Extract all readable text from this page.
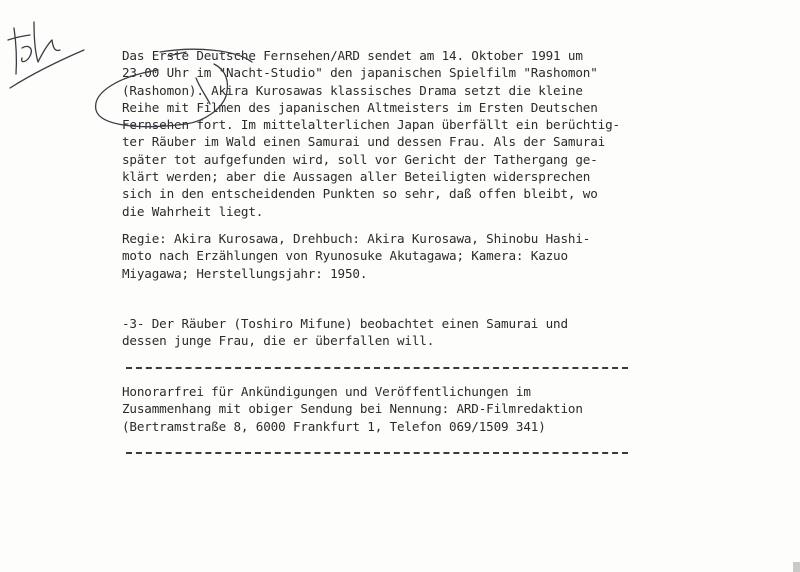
Das Erste Deutsche Fernsehen/ARD sendet am 14. Oktober 1991 um
23.00 Uhr im "Nacht-Studio" den japanischen Spielfilm "Rashomon"
(Rashomon). Akira Kurosawas klassisches Drama setzt die kleine
Reihe mit Filmen des japanischen Altmeisters im Ersten Deutschen
Fernsehen fort. Im mittelalterlichen Japan überfällt ein berüchtig-
ter Räuber im Wald einen Samurai und dessen Frau. Als der Samurai
später tot aufgefunden wird, soll vor Gericht der Tathergang ge-
klärt werden; aber die Aussagen aller Beteiligten widersprechen
sich in den entscheidenden Punkten so sehr, daß offen bleibt, wo
die Wahrheit liegt.
Regie: Akira Kurosawa, Drehbuch: Akira Kurosawa, Shinobu Hashi-
moto nach Erzählungen von Ryunosuke Akutagawa; Kamera: Kazuo
Miyagawa; Herstellungsjahr: 1950.
-3- Der Räuber (Toshiro Mifune) beobachtet einen Samurai und
dessen junge Frau, die er überfallen will.
Honorarfrei für Ankündigungen und Veröffentlichungen im
Zusammenhang mit obiger Sendung bei Nennung: ARD-Filmredaktion
(Bertramstraße 8, 6000 Frankfurt 1, Telefon 069/1509 341)
